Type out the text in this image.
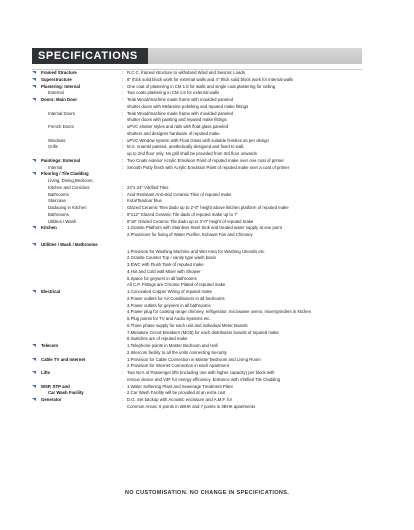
SPECIFICATIONS
Framed Structure	: R.C.C. framed structure to withstand Wind and Seismic Loads
Superstructure	: 8" thick solid block work for external walls and 4" thick solid block work for internal walls
Plastering: Internal	: One coat of plastering in CM 1:6 for walls and single coat plastering for ceiling
External	: Two coats plastering in CM 1:6 for external walls
Doors: Main Door	: Teak Wood/machine made frame with moulded paneled
shutter doors with Melamine polishing and reputed make fittings
Internal Doors	: Teak Wood/machine made frame with moulded paneled
shutter doors with painting and reputed make fittings
French Doors	: uPVC shutter styles and rails with float glass paneled
shutters and designer hardware of reputed make
Windows	: uPVC Window system with Float Glass with suitable finishes as per design
Grills	: M.S. enamel painted, aesthetically designed and fixed to wall,
up to 2nd floor only. No grill shall be provided from 3rd floor onwards
Paintings: External	: Two Coats exterior Acrylic Emulsion Paint of reputed make over one coat of primer
Internal	: Smooth Putty finish with Acrylic Emulsion Paint of reputed make over a coat of primer
Flooring / Tile Cladding
Living, Dining,Bedroom,
Kitchen and Corridors	: 24"x 24" Vitrified Tiles
Bathrooms	: Acid Resistant Anti-skid Ceramic Tiles of reputed make
Staircase	: Kota/Tandoor blue
Dadooing in Kitchen	: Glazed Ceramic Tiles dado up to 2'-0" height above kitchen platform of reputed make
Bathrooms	: 8"x12" Glazed Ceramic Tile dado of reputed make up to 7'
Utilities / Wash	: 8"x8" Glazed Ceramic Tile dado up to 3'-0" height of reputed make
Kitchen	: 1.Granite Platform with Stainless Steel Sink and treated water supply at one point
2.Provisions for fixing of Water Purifier, Exhaust Fan and Chimney
Utilities / Wash / Bathrooms
1.Provision for Washing Machine and Wet Area for Washing Utensils etc.
2.Granite Counter Top / vanity type wash basin
3.EWC with Flush Tank of reputed make
4.Hot and Cold wall Mixer with Shower
5.Space for geysers in all bathrooms
All C.P. Fittings are Chrome Plated of reputed make
Electrical	1.Concealed Copper Wiring of reputed make
2.Power outlets for Air Conditioners in all bedrooms
3.Power outlets for geysers in all bathrooms
4.Power plug for cooking range chimney, refrigerator, microwave ovens, mixer/grinders in kitchen
5.Plug points for TV and Audio Systems etc.
6.Three phase supply for each unit and individual Meter Boards
7.Miniature Circuit Breakers (MCB) for each distribution boards of reputed make
8.Switches are of reputed make
Telecom	1.Telephone points in Master Bedroom and Hall
2.Intercom facility to all the units connecting Security
Cable TV and Internet	1.Provision for Cable Connection in Master Bedroom and Living Room
2.Provision for Internet Connection in each Apartment
Lifts	: Two No's of Passenger lifts (including one with higher capacity) per block with
rescue device and V3F for energy efficiency. Entrance with Vitrified Tile Cladding
WSP, STP and	: 1.Water Softening Plant and Sewerage Treatment Plant
Car Wash Facility	2.Car Wash Facility will be provided at an extra cost
Generator	: D.G. Set backup with Acoustic enclosure and A.M.F. for
Common Areas; 6 points in 2BHK and 7 points in 3BHK apartments
NO CUSTOMISATION. NO CHANGE IN SPECIFICATIONS.
